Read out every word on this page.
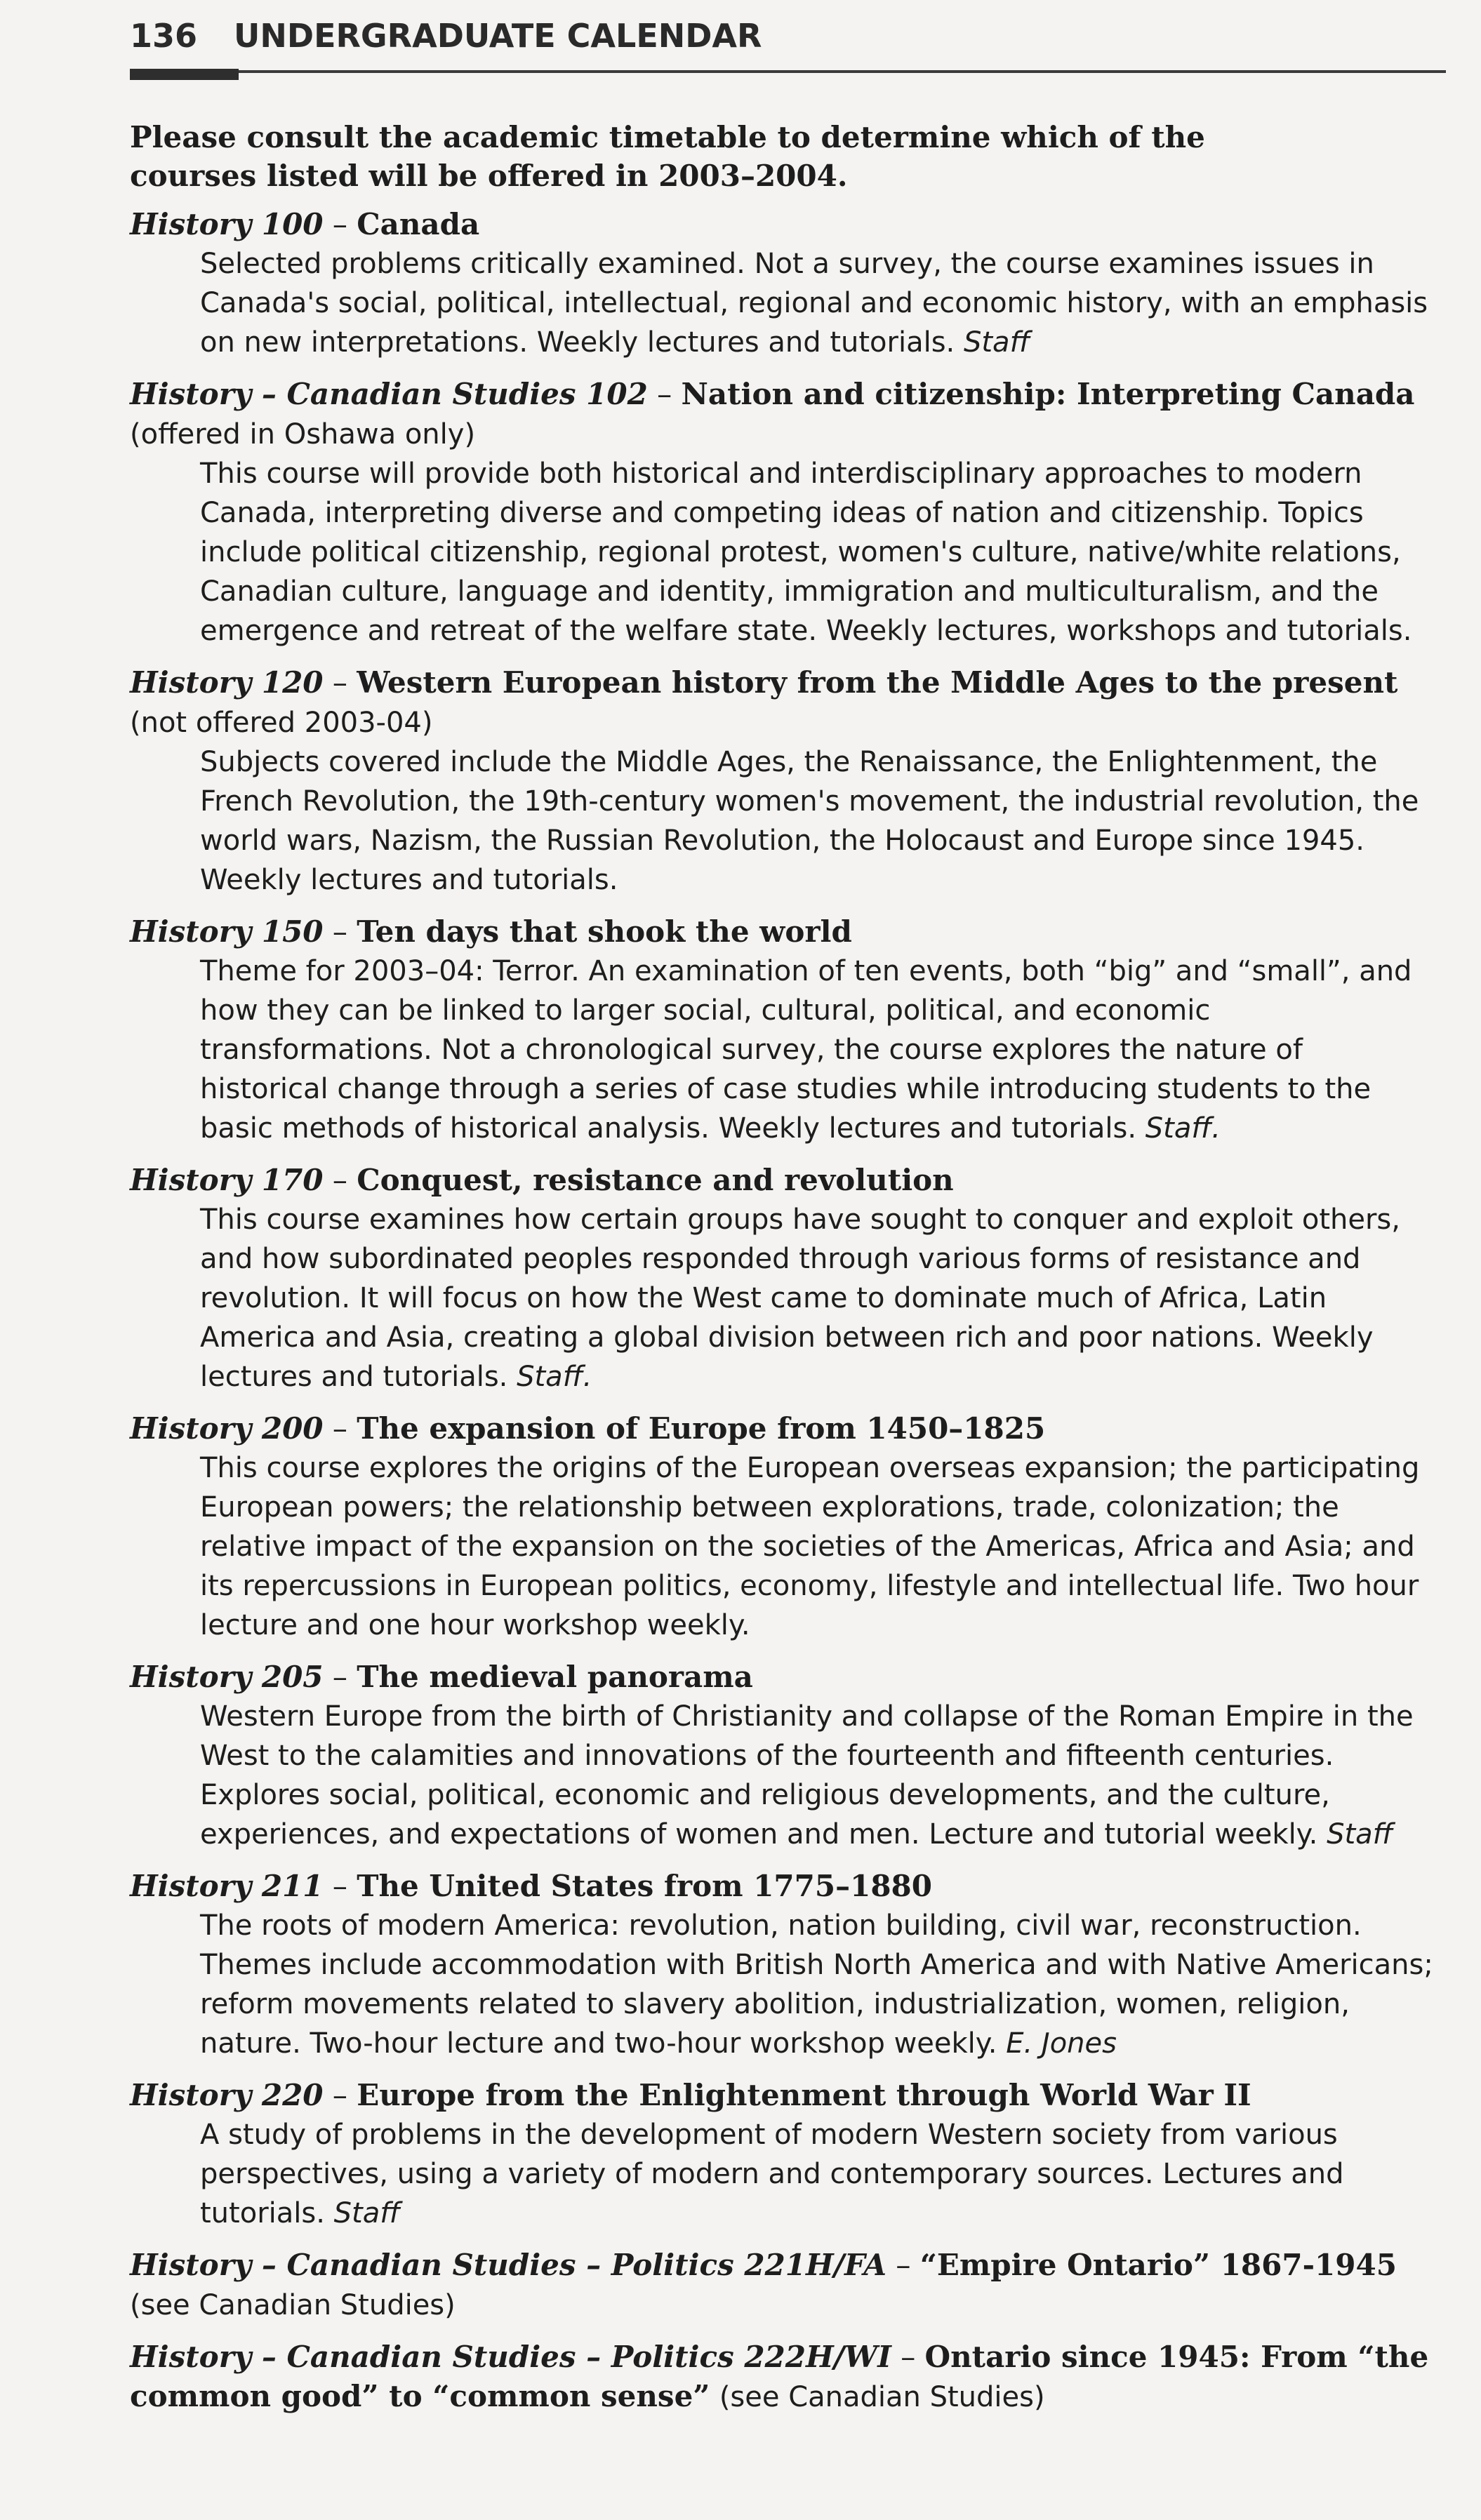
136 UNDERGRADUATE CALENDAR

Please consult the academic timetable to determine which of the courses listed will be offered in 2003–2004.

History 100 – Canada

Selected problems critically examined. Not a survey, the course examines issues in Canada's social, political, intellectual, regional and economic history, with an emphasis on new interpretations. Weekly lectures and tutorials. Staff

History – Canadian Studies 102 – Nation and citizenship: Interpreting Canada (offered in Oshawa only)

This course will provide both historical and interdisciplinary approaches to modern Canada, interpreting diverse and competing ideas of nation and citizenship. Topics include political citizenship, regional protest, women's culture, native/white relations, Canadian culture, language and identity, immigration and multiculturalism, and the emergence and retreat of the welfare state. Weekly lectures, workshops and tutorials.

History 120 – Western European history from the Middle Ages to the present (not offered 2003-04)

Subjects covered include the Middle Ages, the Renaissance, the Enlightenment, the French Revolution, the 19th-century women's movement, the industrial revolution, the world wars, Nazism, the Russian Revolution, the Holocaust and Europe since 1945. Weekly lectures and tutorials.

History 150 – Ten days that shook the world

Theme for 2003–04: Terror. An examination of ten events, both “big” and “small”, and how they can be linked to larger social, cultural, political, and economic transformations. Not a chronological survey, the course explores the nature of historical change through a series of case studies while introducing students to the basic methods of historical analysis. Weekly lectures and tutorials. Staff.

History 170 – Conquest, resistance and revolution

This course examines how certain groups have sought to conquer and exploit others, and how subordinated peoples responded through various forms of resistance and revolution. It will focus on how the West came to dominate much of Africa, Latin America and Asia, creating a global division between rich and poor nations. Weekly lectures and tutorials. Staff.

History 200 – The expansion of Europe from 1450–1825

This course explores the origins of the European overseas expansion; the participating European powers; the relationship between explorations, trade, colonization; the relative impact of the expansion on the societies of the Americas, Africa and Asia; and its repercussions in European politics, economy, lifestyle and intellectual life. Two hour lecture and one hour workshop weekly.

History 205 – The medieval panorama

Western Europe from the birth of Christianity and collapse of the Roman Empire in the West to the calamities and innovations of the fourteenth and fifteenth centuries. Explores social, political, economic and religious developments, and the culture, experiences, and expectations of women and men. Lecture and tutorial weekly. Staff

History 211 – The United States from 1775–1880

The roots of modern America: revolution, nation building, civil war, reconstruction. Themes include accommodation with British North America and with Native Americans; reform movements related to slavery abolition, industrialization, women, religion, nature. Two-hour lecture and two-hour workshop weekly. E. Jones

History 220 – Europe from the Enlightenment through World War II

A study of problems in the development of modern Western society from various perspectives, using a variety of modern and contemporary sources. Lectures and tutorials. Staff

History – Canadian Studies – Politics 221H/FA – “Empire Ontario” 1867-1945 (see Canadian Studies)
History – Canadian Studies – Politics 222H/WI – Ontario since 1945: From “the common good” to “common sense” (see Canadian Studies)
